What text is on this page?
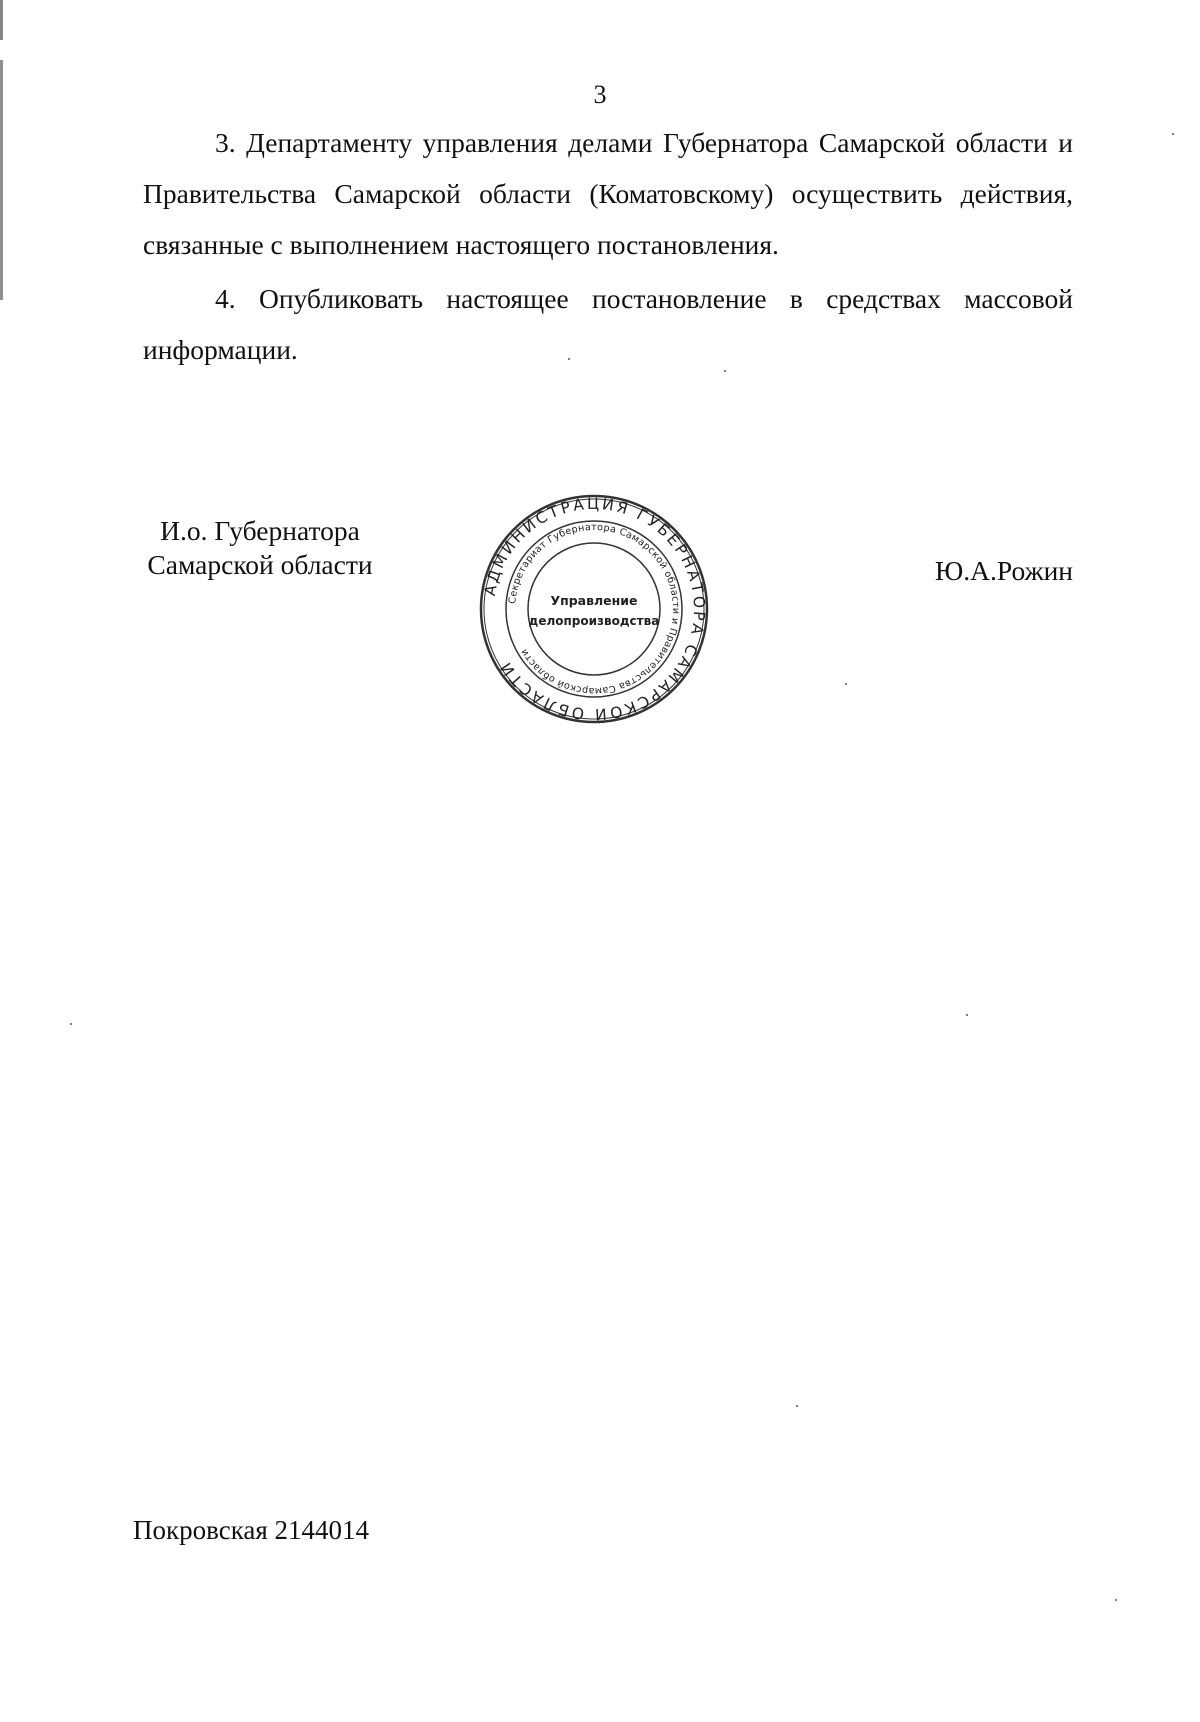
3

3. Департаменту управления делами Губернатора Самарской области и Правительства Самарской области (Коматовскому) осуществить действия, связанные с выполнением настоящего постановления.

4. Опубликовать настоящее постановление в средствах массовой информации.

И.о. Губернатора
Самарской области
АДМИНИСТРАЦИЯ ГУБЕРНАТОРА САМАРСКОЙ ОБЛАСТИ
Секретариат Губернатора Самарской области и Правительства Самарской области
Управление
делопроизводства
Ю.А.Рожин
Покровская 2144014
